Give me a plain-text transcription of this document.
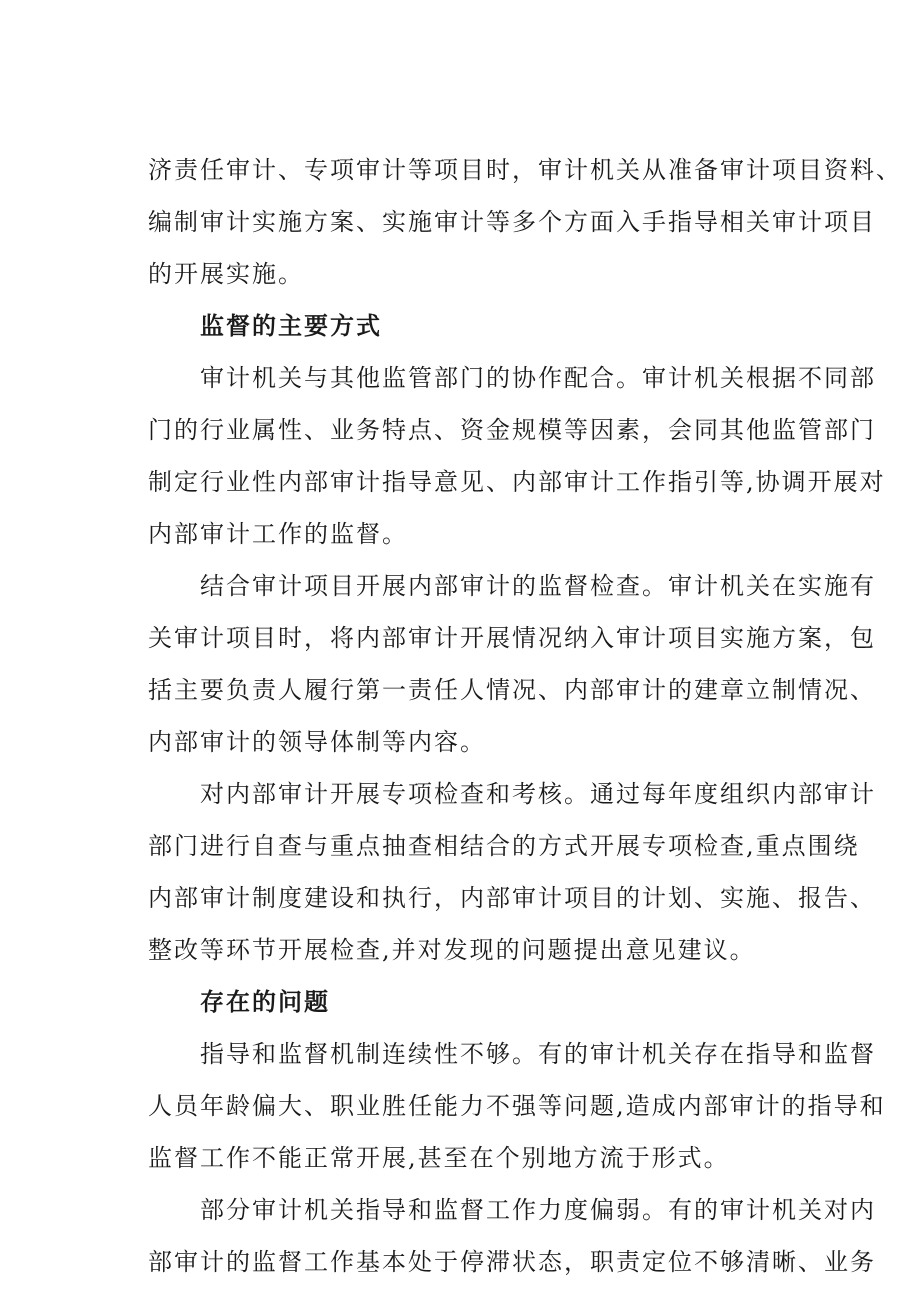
济责任审计、专项审计等项目时，审计机关从准备审计项目资料、
编制审计实施方案、实施审计等多个方面入手指导相关审计项目
的开展实施。
监督的主要方式
审计机关与其他监管部门的协作配合。审计机关根据不同部
门的行业属性、业务特点、资金规模等因素，会同其他监管部门
制定行业性内部审计指导意见、内部审计工作指引等,协调开展对
内部审计工作的监督。
结合审计项目开展内部审计的监督检查。审计机关在实施有
关审计项目时，将内部审计开展情况纳入审计项目实施方案，包
括主要负责人履行第一责任人情况、内部审计的建章立制情况、
内部审计的领导体制等内容。
对内部审计开展专项检查和考核。通过每年度组织内部审计
部门进行自查与重点抽查相结合的方式开展专项检查,重点围绕
内部审计制度建设和执行，内部审计项目的计划、实施、报告、
整改等环节开展检查,并对发现的问题提出意见建议。
存在的问题
指导和监督机制连续性不够。有的审计机关存在指导和监督
人员年龄偏大、职业胜任能力不强等问题,造成内部审计的指导和
监督工作不能正常开展,甚至在个别地方流于形式。
部分审计机关指导和监督工作力度偏弱。有的审计机关对内
部审计的监督工作基本处于停滞状态，职责定位不够清晰、业务
